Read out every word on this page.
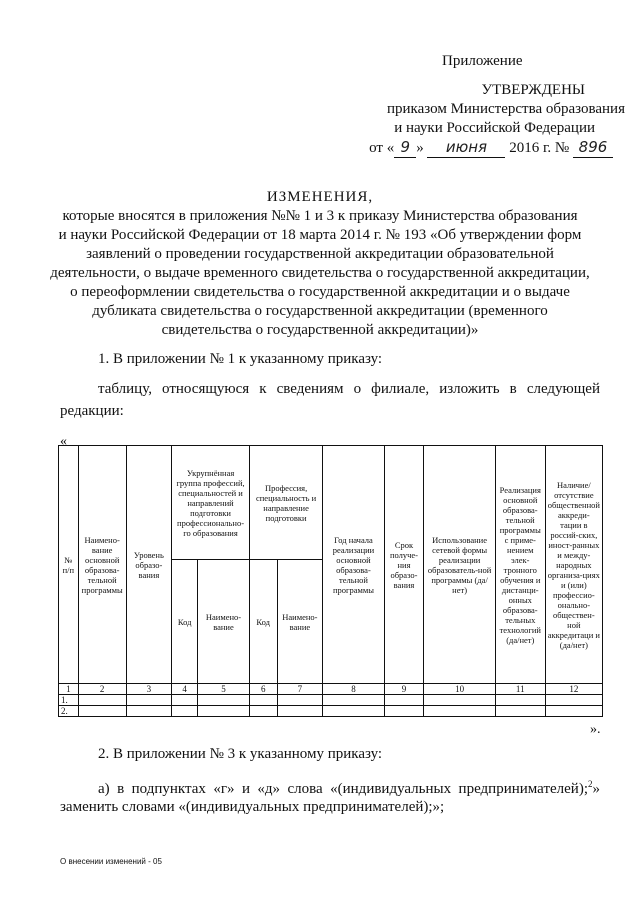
Приложение
УТВЕРЖДЕНЫ
приказом Министерства образования
и науки Российской Федерации
от « 9 » июня 2016 г. № 896
ИЗМЕНЕНИЯ,
которые вносятся в приложения №№ 1 и 3 к приказу Министерства образования
и науки Российской Федерации от 18 марта 2014 г. № 193 «Об утверждении форм
заявлений о проведении государственной аккредитации образовательной
деятельности, о выдаче временного свидетельства о государственной аккредитации,
о переоформлении свидетельства о государственной аккредитации и о выдаче
дубликата свидетельства о государственной аккредитации (временного
свидетельства о государственной аккредитации)»
1. В приложении № 1 к указанному приказу:
таблицу, относящуюся к сведениям о филиале, изложить в следующей
редакции:
«
№ п/п	Наимено-вание основной образова-тельной программы	Уровень образо-вания	Укрупнённая группа профессий, специальностей и направлений подготовки профессионально-го образования		Профессия, специальность и направление подготовки		Год начала реализации основной образова-тельной программы	Срок получе-ния образо-вания	Использование сетевой формы реализации образователь-ной программы (да/нет)	Реализация основной образова-тельной программы с приме-нением элек-тронного обучения и дистанци-онных образова-тельных технологий (да/нет)	Наличие/ отсутствие общественной аккреди-тации в россий-ских, иност-ранных и между-народных организа-циях и (или) профессио-онально-обществен-ной аккредитаци и (да/нет)
			Код	Наимено-вание	Код	Наимено-вание					
1	2	3	4	5	6	7	8	9	10	11	12
1.											
2.											
».
2. В приложении № 3 к указанному приказу:
а) в подпунктах «г» и «д» слова «(индивидуальных предпринимателей);$^2$»
заменить словами «(индивидуальных предпринимателей);»;
О внесении изменений - 05
